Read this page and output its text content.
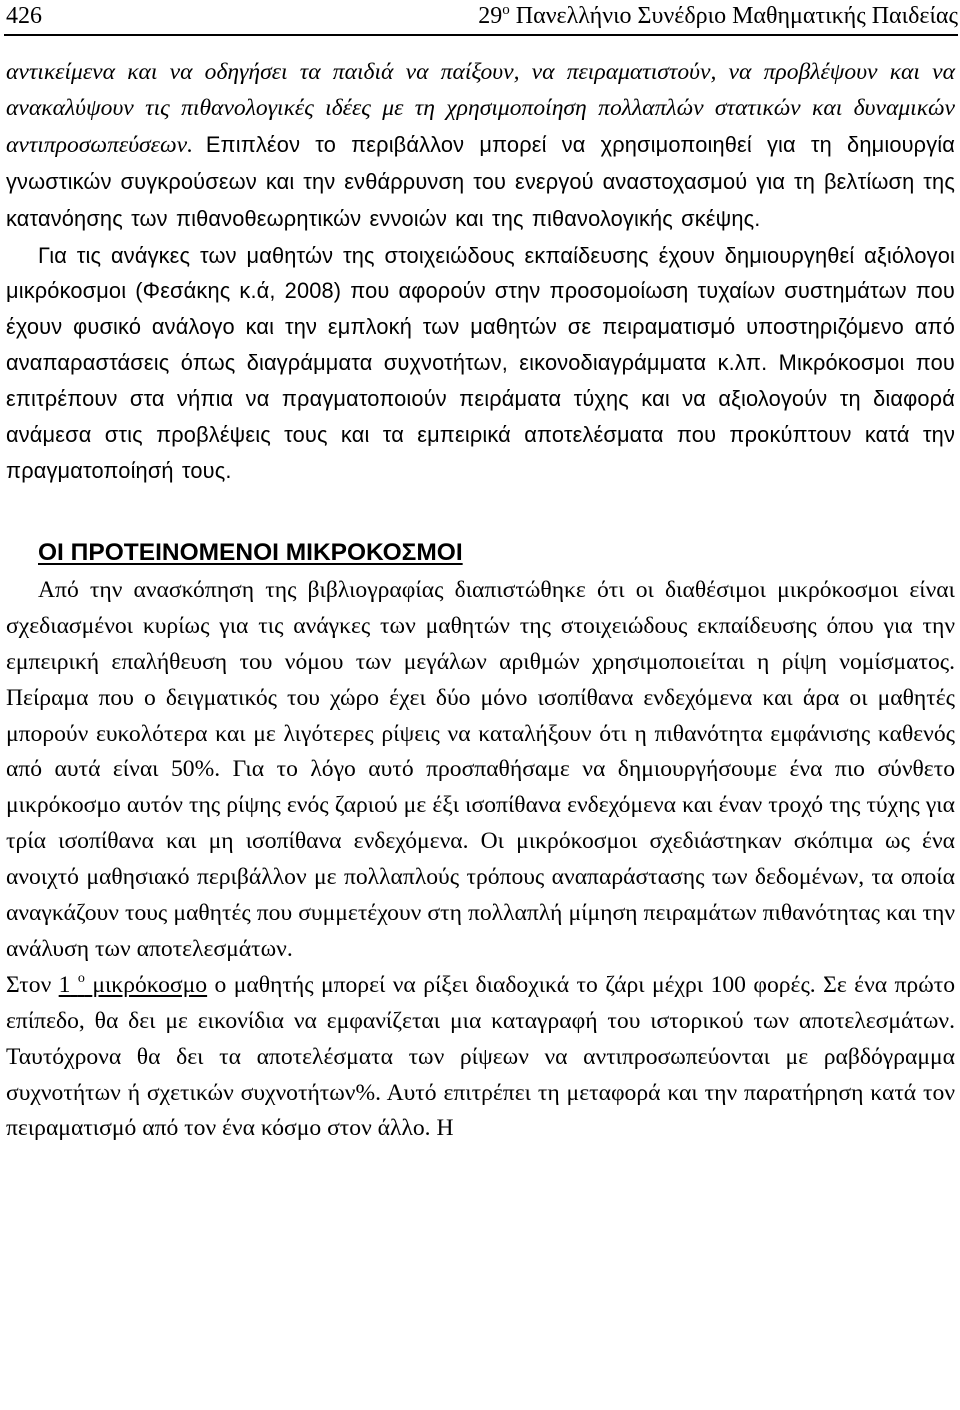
426	$29^o$ Πανελλήνιο Συνέδριο Μαθηματικής Παιδείας

αντικείμενα και να οδηγήσει τα παιδιά να παίξουν, να πειραματιστούν, να προβλέψουν και να ανακαλύψουν τις πιθανολογικές ιδέες με τη χρησιμοποίηση πολλαπλών στατικών και δυναμικών αντιπροσωπεύσεων. Επιπλέον το περιβάλλον μπορεί να χρησιμοποιηθεί για τη δημιουργία γνωστικών συγκρούσεων και την ενθάρρυνση του ενεργού αναστοχασμού για τη βελτίωση της κατανόησης των πιθανοθεωρητικών εννοιών και της πιθανολογικής σκέψης.

Για τις ανάγκες των μαθητών της στοιχειώδους εκπαίδευσης έχουν δημιουργηθεί αξιόλογοι μικρόκοσμοι (Φεσάκης κ.ά, 2008) που αφορούν στην προσομοίωση τυχαίων συστημάτων που έχουν φυσικό ανάλογο και την εμπλοκή των μαθητών σε πειραματισμό υποστηριζόμενο από αναπαραστάσεις όπως διαγράμματα συχνοτήτων, εικονοδιαγράμματα κ.λπ. Μικρόκοσμοι που επιτρέπουν στα νήπια να πραγματοποιούν πειράματα τύχης και να αξιολογούν τη διαφορά ανάμεσα στις προβλέψεις τους και τα εμπειρικά αποτελέσματα που προκύπτουν κατά την πραγματοποίησή τους.

ΟΙ ΠΡΟΤΕΙΝΟΜΕΝΟΙ ΜΙΚΡΟΚΟΣΜΟΙ

Από την ανασκόπηση της βιβλιογραφίας διαπιστώθηκε ότι οι διαθέσιμοι μικρόκοσμοι είναι σχεδιασμένοι κυρίως για τις ανάγκες των μαθητών της στοιχειώδους εκπαίδευσης όπου για την εμπειρική επαλήθευση του νόμου των μεγάλων αριθμών χρησιμοποιείται η ρίψη νομίσματος. Πείραμα που ο δειγματικός του χώρο έχει δύο μόνο ισοπίθανα ενδεχόμενα και άρα οι μαθητές μπορούν ευκολότερα και με λιγότερες ρίψεις να καταλήξουν ότι η πιθανότητα εμφάνισης καθενός από αυτά είναι 50%. Για το λόγο αυτό προσπαθήσαμε να δημιουργήσουμε ένα πιο σύνθετο μικρόκοσμο αυτόν της ρίψης ενός ζαριού με έξι ισοπίθανα ενδεχόμενα και έναν τροχό της τύχης για τρία ισοπίθανα και μη ισοπίθανα ενδεχόμενα. Οι μικρόκοσμοι σχεδιάστηκαν σκόπιμα ως ένα ανοιχτό μαθησιακό περιβάλλον με πολλαπλούς τρόπους αναπαράστασης των δεδομένων, τα οποία αναγκάζουν τους μαθητές που συμμετέχουν στη πολλαπλή μίμηση πειραμάτων πιθανότητας και την ανάλυση των αποτελεσμάτων.

Στον 1 $^o$ μικρόκοσμο ο μαθητής μπορεί να ρίξει διαδοχικά το ζάρι μέχρι 100 φορές. Σε ένα πρώτο επίπεδο, θα δει με εικονίδια να εμφανίζεται μια καταγραφή του ιστορικού των αποτελεσμάτων. Ταυτόχρονα θα δει τα αποτελέσματα των ρίψεων να αντιπροσωπεύονται με ραβδόγραμμα συχνοτήτων ή σχετικών συχνοτήτων%. Αυτό επιτρέπει τη μεταφορά και την παρατήρηση κατά τον πειραματισμό από τον ένα κόσμο στον άλλο. Η
